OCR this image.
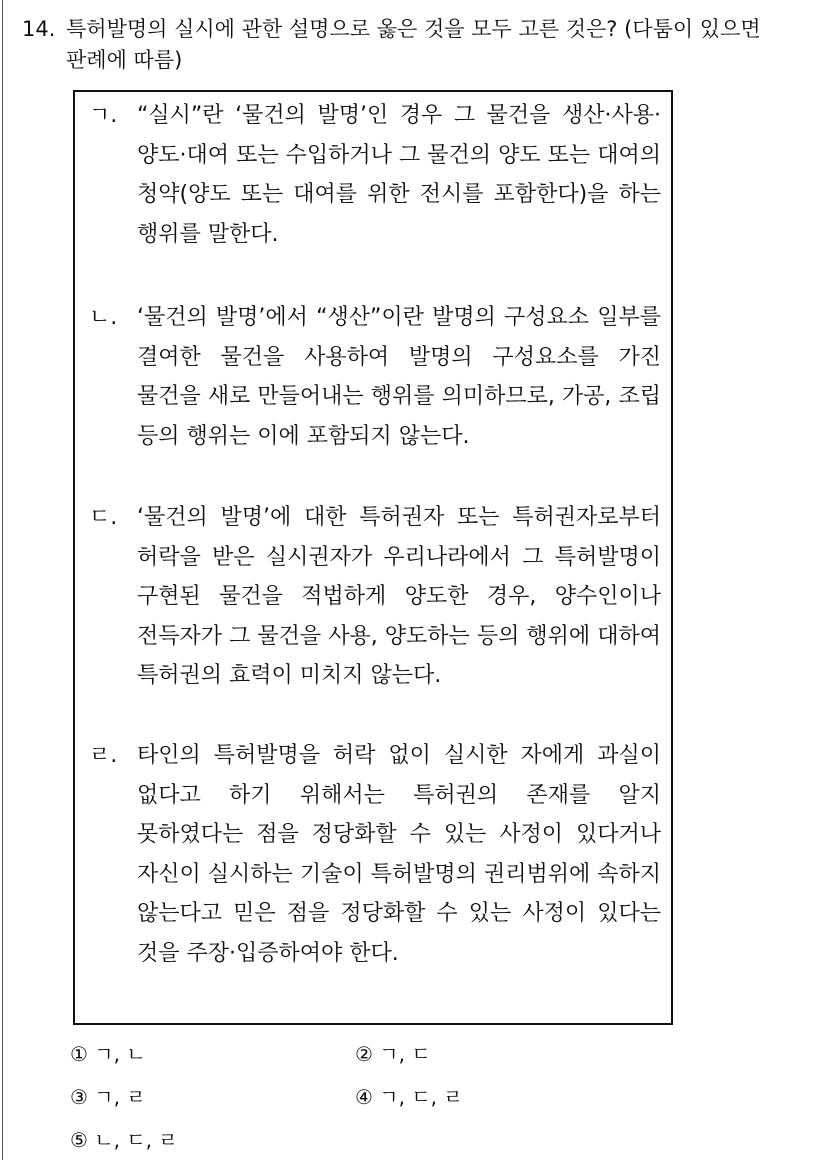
14. 특허발명의 실시에 관한 설명으로 옳은 것을 모두 고른 것은? (다툼이 있으면 판례에 따름)
ㄱ. “실시”란 ‘물건의 발명’인 경우 그 물건을 생산·사용·양도·대여 또는 수입하거나 그 물건의 양도 또는 대여의 청약(양도 또는 대여를 위한 전시를 포함한다)을 하는 행위를 말한다.
ㄴ. ‘물건의 발명’에서 “생산”이란 발명의 구성요소 일부를 결여한 물건을 사용하여 발명의 구성요소를 가진 물건을 새로 만들어내는 행위를 의미하므로, 가공, 조립 등의 행위는 이에 포함되지 않는다.
ㄷ. ‘물건의 발명’에 대한 특허권자 또는 특허권자로부터 허락을 받은 실시권자가 우리나라에서 그 특허발명이 구현된 물건을 적법하게 양도한 경우, 양수인이나 전득자가 그 물건을 사용, 양도하는 등의 행위에 대하여 특허권의 효력이 미치지 않는다.
ㄹ. 타인의 특허발명을 허락 없이 실시한 자에게 과실이 없다고 하기 위해서는 특허권의 존재를 알지 못하였다는 점을 정당화할 수 있는 사정이 있다거나 자신이 실시하는 기술이 특허발명의 권리범위에 속하지 않는다고 믿은 점을 정당화할 수 있는 사정이 있다는 것을 주장·입증하여야 한다.
① ㄱ, ㄴ	② ㄱ, ㄷ
③ ㄱ, ㄹ	④ ㄱ, ㄷ, ㄹ
⑤ ㄴ, ㄷ, ㄹ
